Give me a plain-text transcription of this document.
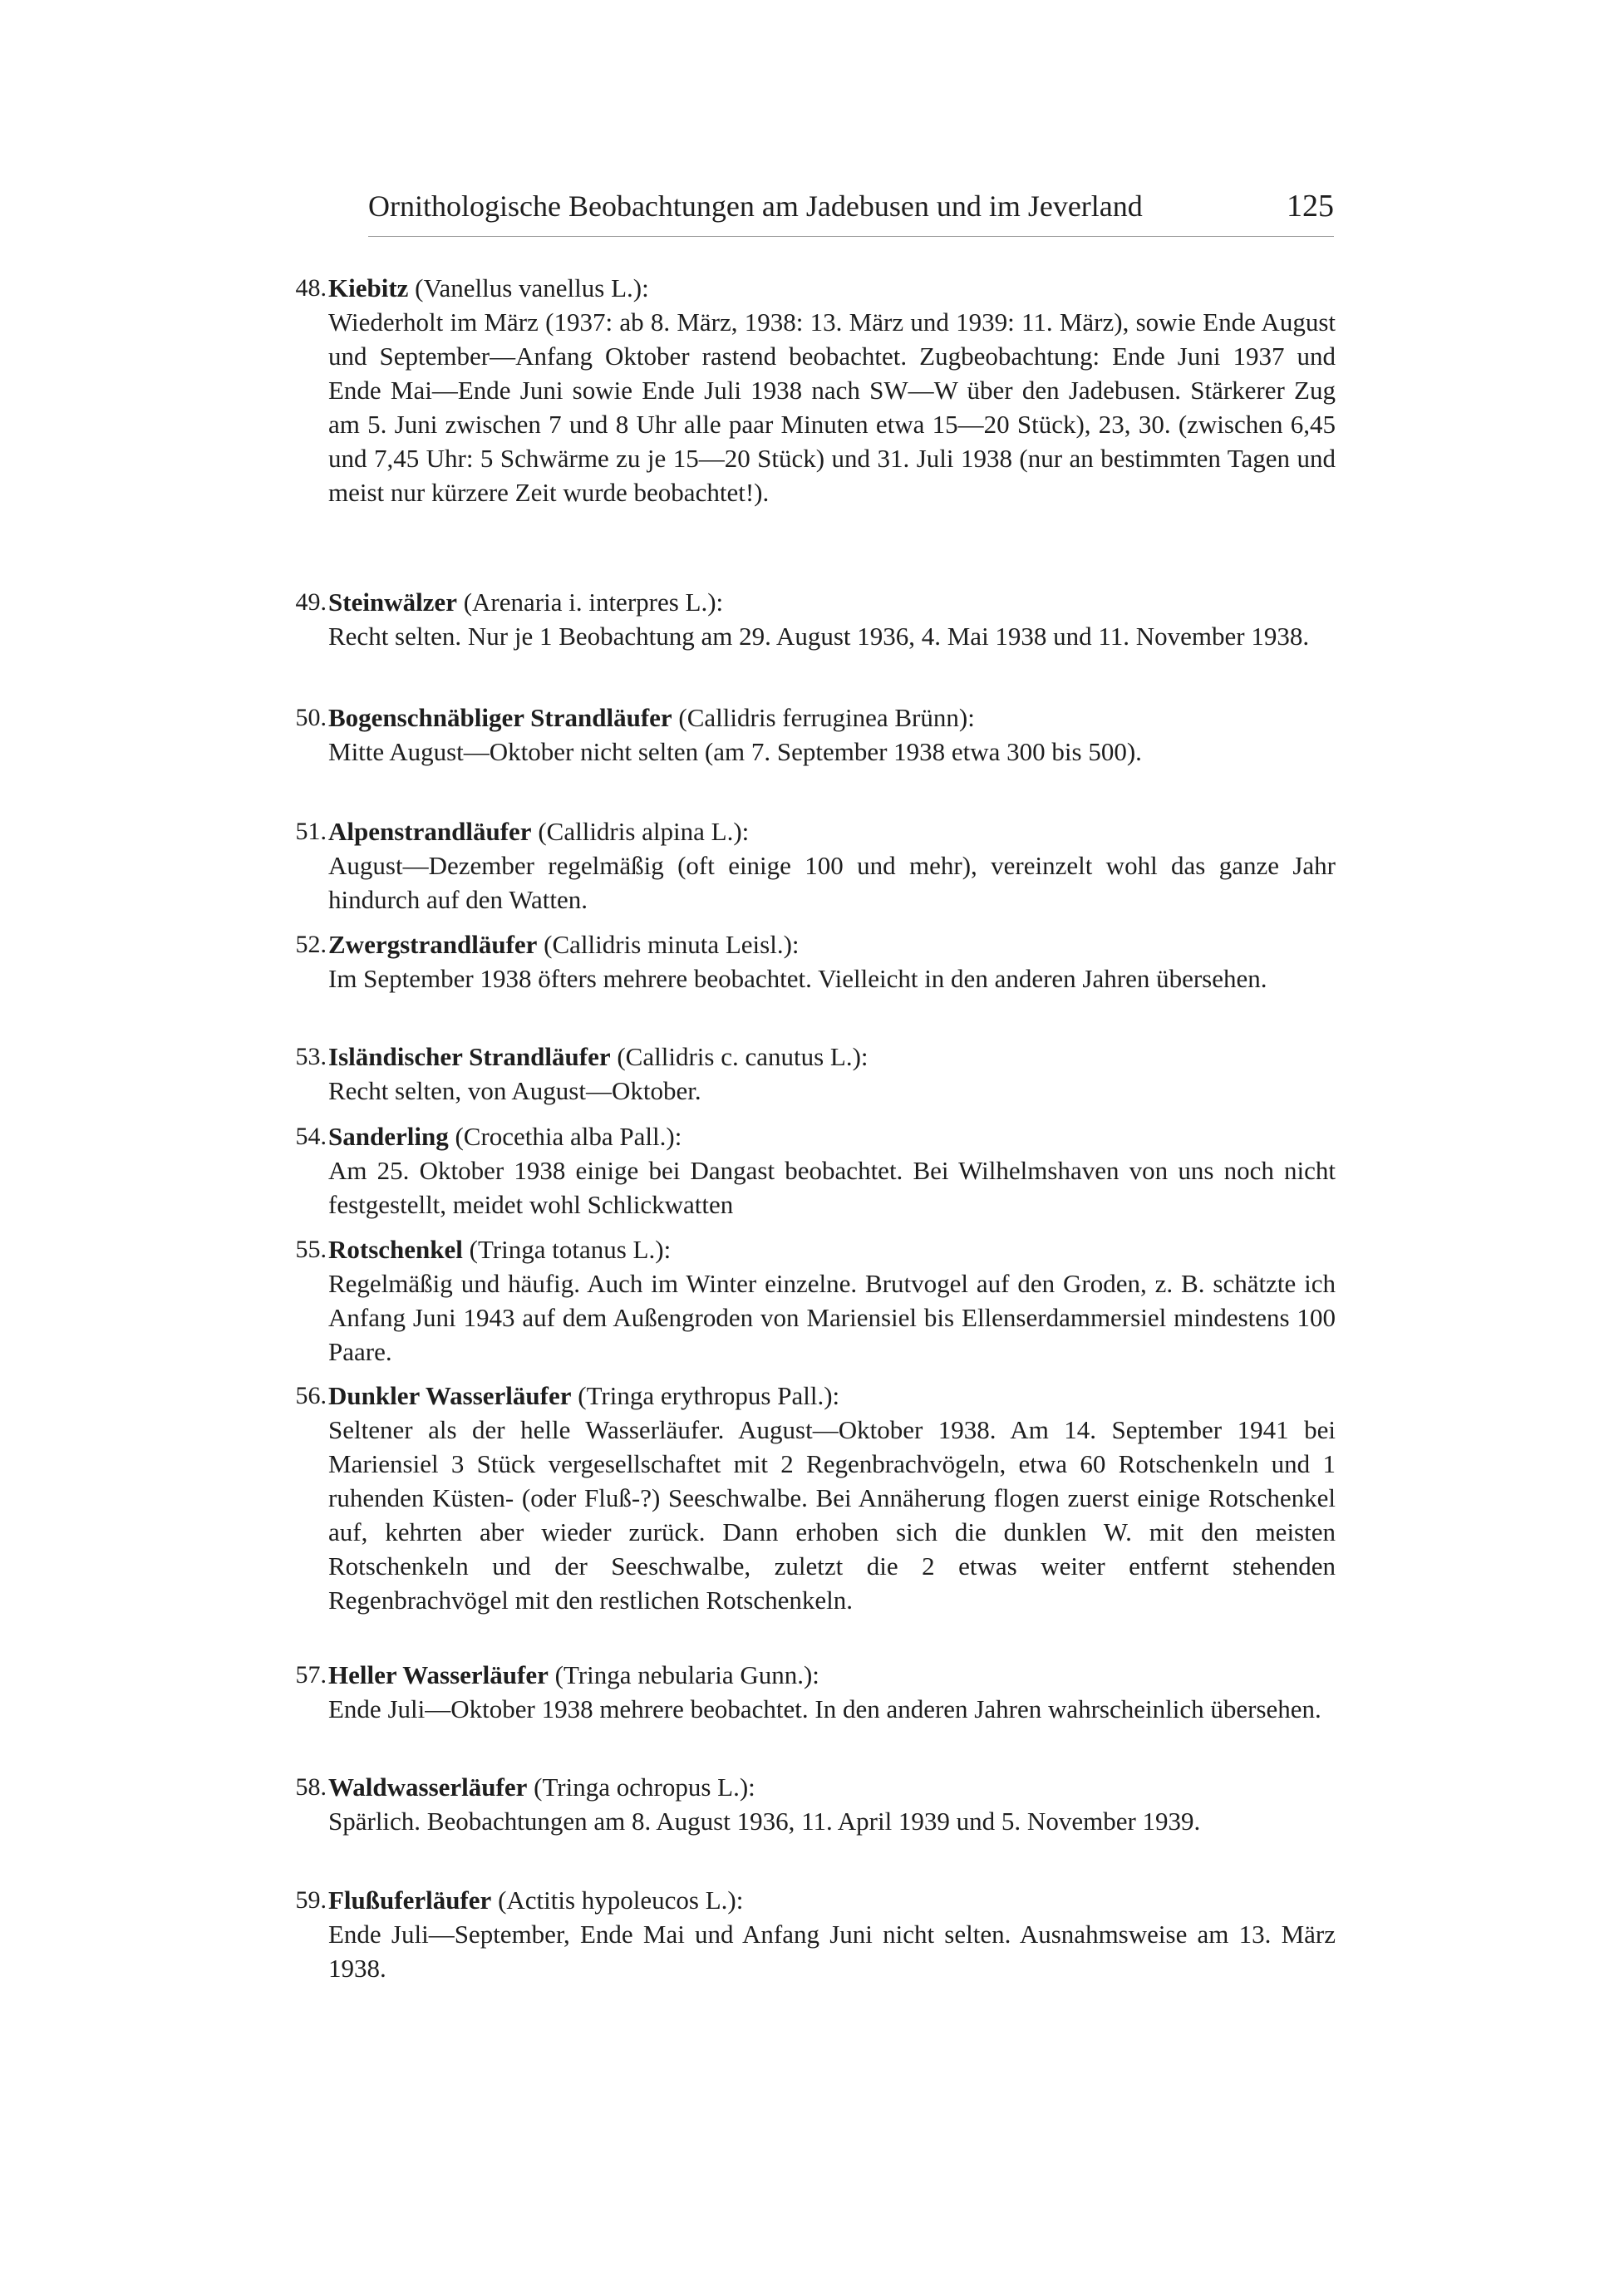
Ornithologische Beobachtungen am Jadebusen und im Jeverland	125
48. Kiebitz (Vanellus vanellus L.):
Wiederholt im März (1937: ab 8. März, 1938: 13. März und 1939: 11. März), sowie Ende August und September—Anfang Oktober rastend beobachtet. Zugbeobachtung: Ende Juni 1937 und Ende Mai—Ende Juni sowie Ende Juli 1938 nach SW—W über den Jadebusen. Stärkerer Zug am 5. Juni zwischen 7 und 8 Uhr alle paar Minuten etwa 15—20 Stück), 23, 30. (zwischen 6,45 und 7,45 Uhr: 5 Schwärme zu je 15—20 Stück) und 31. Juli 1938 (nur an bestimmten Tagen und meist nur kürzere Zeit wurde beobachtet!).
49. Steinwälzer (Arenaria i. interpres L.):
Recht selten. Nur je 1 Beobachtung am 29. August 1936, 4. Mai 1938 und 11. November 1938.
50. Bogenschnäbliger Strandläufer (Callidris ferruginea Brünn):
Mitte August—Oktober nicht selten (am 7. September 1938 etwa 300 bis 500).
51. Alpenstrandläufer (Callidris alpina L.):
August—Dezember regelmäßig (oft einige 100 und mehr), vereinzelt wohl das ganze Jahr hindurch auf den Watten.
52. Zwergstrandläufer (Callidris minuta Leisl.):
Im September 1938 öfters mehrere beobachtet. Vielleicht in den anderen Jahren übersehen.
53. Isländischer Strandläufer (Callidris c. canutus L.):
Recht selten, von August—Oktober.
54. Sanderling (Crocethia alba Pall.):
Am 25. Oktober 1938 einige bei Dangast beobachtet. Bei Wilhelmshaven von uns noch nicht festgestellt, meidet wohl Schlickwatten
55. Rotschenkel (Tringa totanus L.):
Regelmäßig und häufig. Auch im Winter einzelne. Brutvogel auf den Groden, z. B. schätzte ich Anfang Juni 1943 auf dem Außengroden von Mariensiel bis Ellenserdammersiel mindestens 100 Paare.
56. Dunkler Wasserläufer (Tringa erythropus Pall.):
Seltener als der helle Wasserläufer. August—Oktober 1938. Am 14. September 1941 bei Mariensiel 3 Stück vergesellschaftet mit 2 Regenbrachvögeln, etwa 60 Rotschenkeln und 1 ruhenden Küsten- (oder Fluß-?) Seeschwalbe. Bei Annäherung flogen zuerst einige Rotschenkel auf, kehrten aber wieder zurück. Dann erhoben sich die dunklen W. mit den meisten Rotschenkeln und der Seeschwalbe, zuletzt die 2 etwas weiter entfernt stehenden Regenbrachvögel mit den restlichen Rotschenkeln.
57. Heller Wasserläufer (Tringa nebularia Gunn.):
Ende Juli—Oktober 1938 mehrere beobachtet. In den anderen Jahren wahrscheinlich übersehen.
58. Waldwasserläufer (Tringa ochropus L.):
Spärlich. Beobachtungen am 8. August 1936, 11. April 1939 und 5. November 1939.
59. Flußuferläufer (Actitis hypoleucos L.):
Ende Juli—September, Ende Mai und Anfang Juni nicht selten. Ausnahmsweise am 13. März 1938.
